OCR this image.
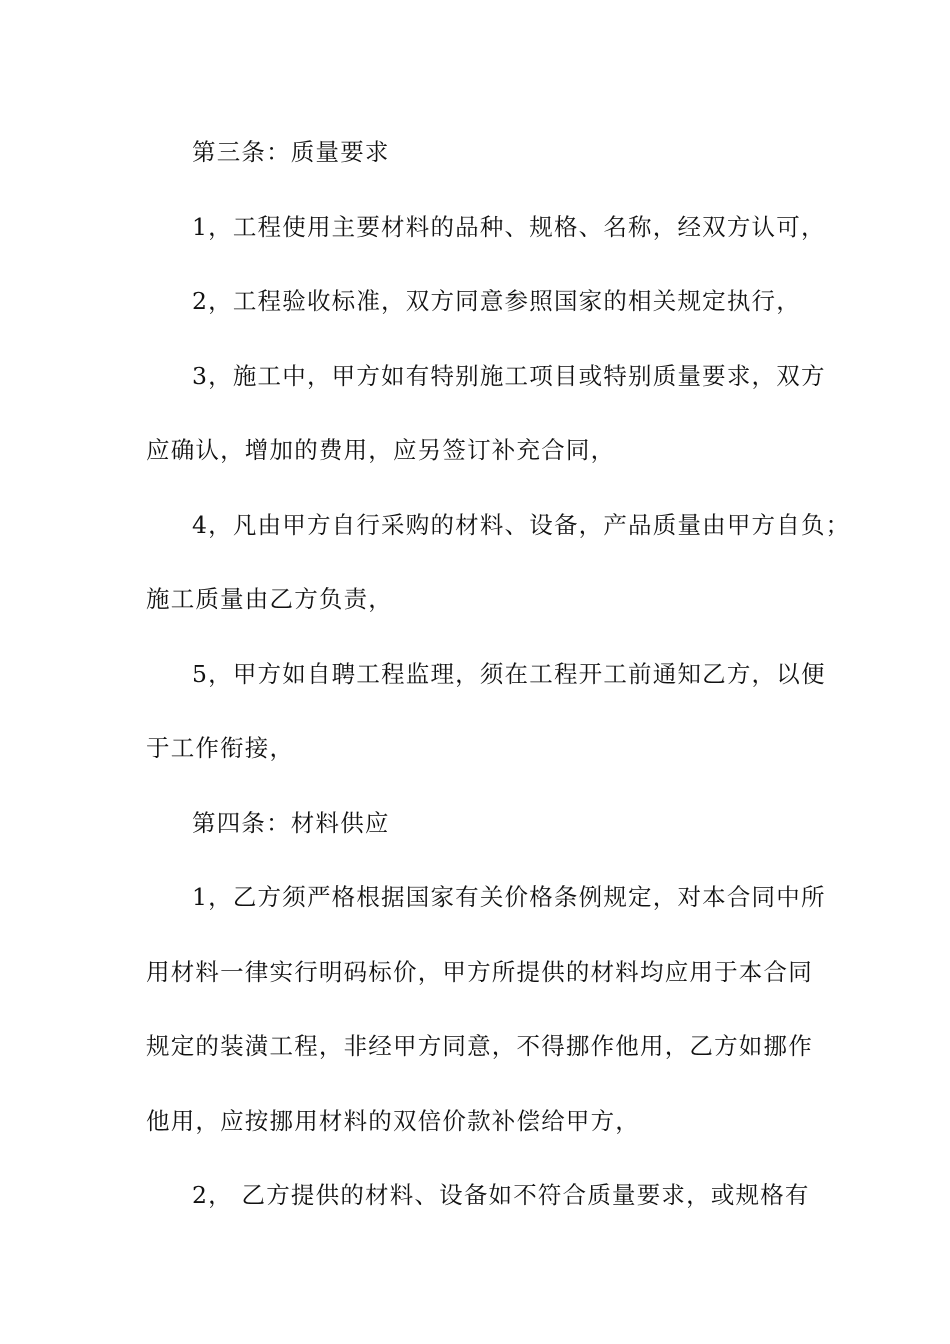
第三条：质量要求
1，工程使用主要材料的品种、规格、名称，经双方认可，
2，工程验收标准，双方同意参照国家的相关规定执行，
3，施工中，甲方如有特别施工项目或特别质量要求，双方
应确认，增加的费用，应另签订补充合同，
4，凡由甲方自行采购的材料、设备，产品质量由甲方自负；
施工质量由乙方负责，
5，甲方如自聘工程监理，须在工程开工前通知乙方，以便
于工作衔接，
第四条：材料供应
1，乙方须严格根据国家有关价格条例规定，对本合同中所
用材料一律实行明码标价，甲方所提供的材料均应用于本合同
规定的装潢工程，非经甲方同意，不得挪作他用，乙方如挪作
他用，应按挪用材料的双倍价款补偿给甲方，
2， 乙方提供的材料、设备如不符合质量要求，或规格有
